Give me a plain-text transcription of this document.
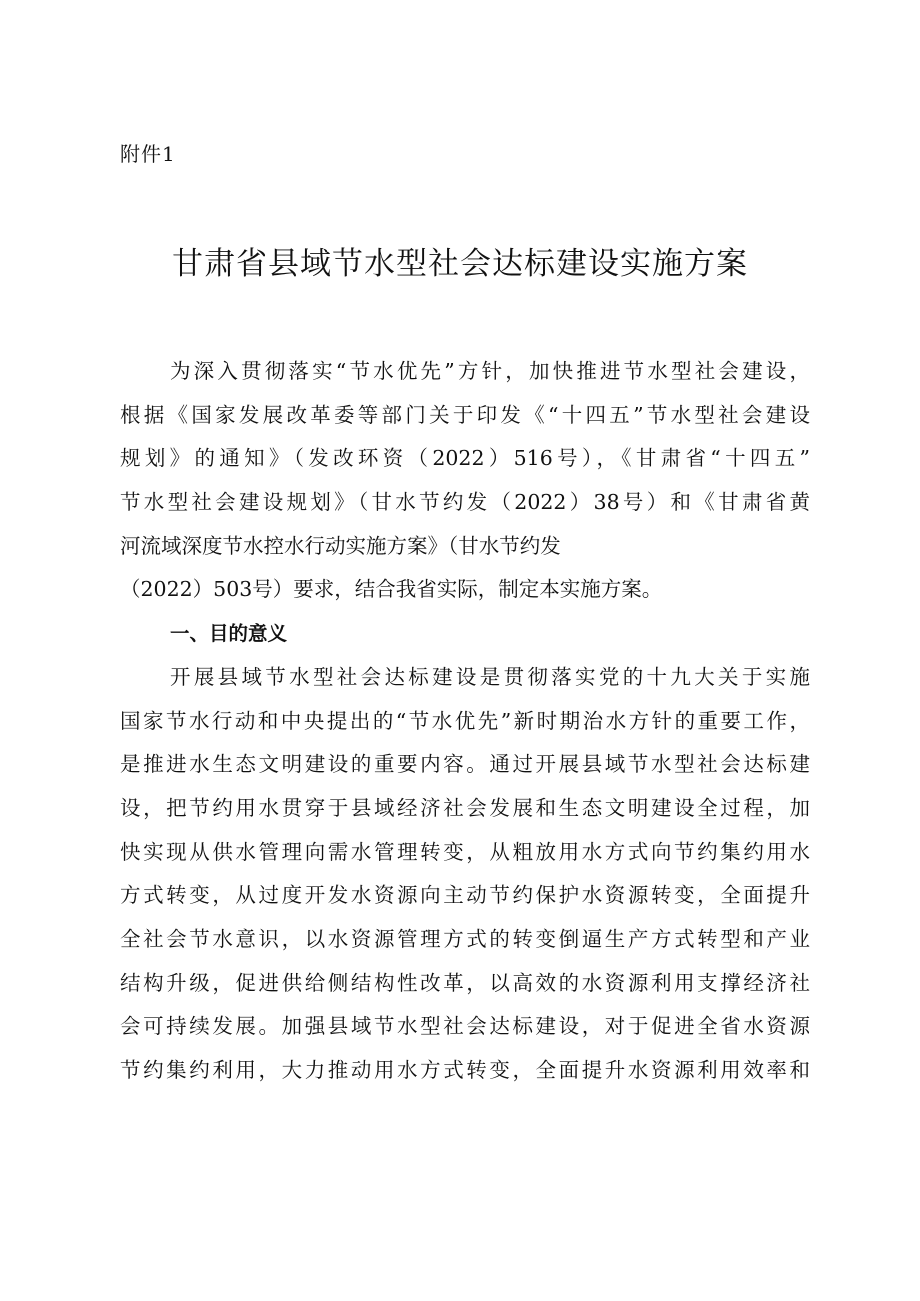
附件1
甘肃省县域节水型社会达标建设实施方案
为深入贯彻落实“节水优先”方针，加快推进节水型社会建设，
根据《国家发展改革委等部门关于印发《“十四五”节水型社会建设
规划》的通知》（发改环资（2022）516号），《甘肃省“十四五”
节水型社会建设规划》（甘水节约发（2022）38号）和《甘肃省黄
河流域深度节水控水行动实施方案》（甘水节约发
（2022）503号）要求，结合我省实际，制定本实施方案。
一、目的意义
开展县域节水型社会达标建设是贯彻落实党的十九大关于实施
国家节水行动和中央提出的“节水优先”新时期治水方针的重要工作，
是推进水生态文明建设的重要内容。通过开展县域节水型社会达标建
设，把节约用水贯穿于县域经济社会发展和生态文明建设全过程，加
快实现从供水管理向需水管理转变，从粗放用水方式向节约集约用水
方式转变，从过度开发水资源向主动节约保护水资源转变，全面提升
全社会节水意识，以水资源管理方式的转变倒逼生产方式转型和产业
结构升级，促进供给侧结构性改革，以高效的水资源利用支撑经济社
会可持续发展。加强县域节水型社会达标建设，对于促进全省水资源
节约集约利用，大力推动用水方式转变，全面提升水资源利用效率和
